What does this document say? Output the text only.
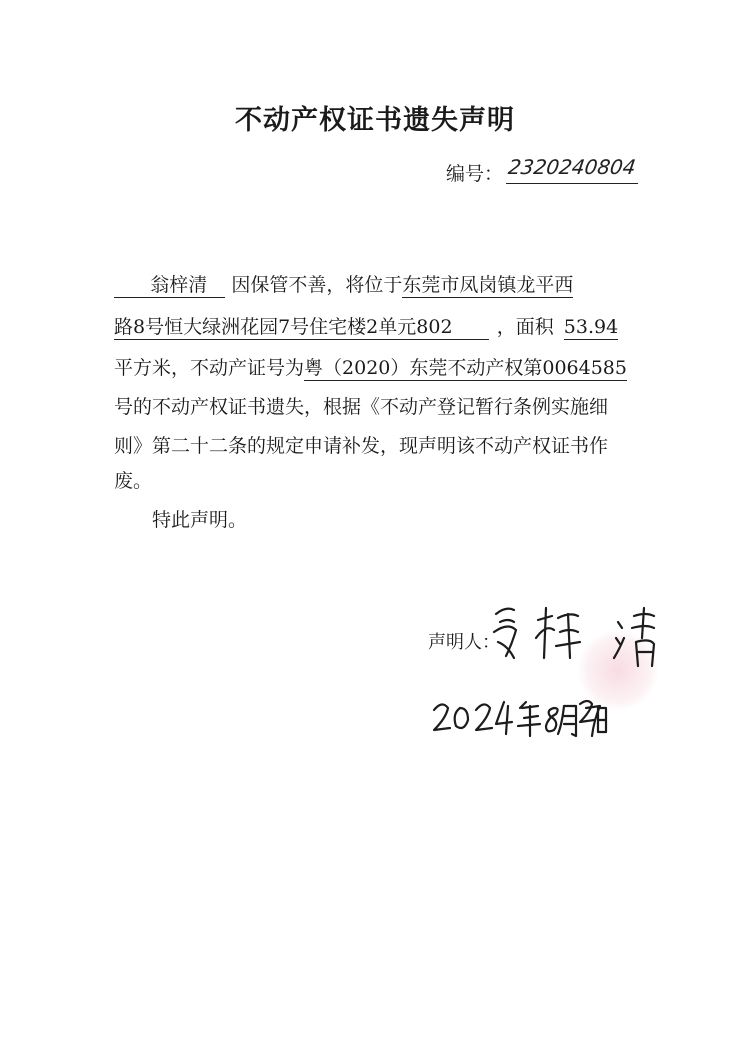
不动产权证书遗失声明
编号： 2320240804
翁梓清 因保管不善，将位于东莞市凤岗镇龙平西
路8号恒大绿洲花园7号住宅楼2单元802 ，面积 53.94
平方米，不动产证号为粤（2020）东莞不动产权第0064585
号的不动产权证书遗失，根据《不动产登记暂行条例实施细
则》第二十二条的规定申请补发，现声明该不动产权证书作
废。
特此声明。
声明人：
